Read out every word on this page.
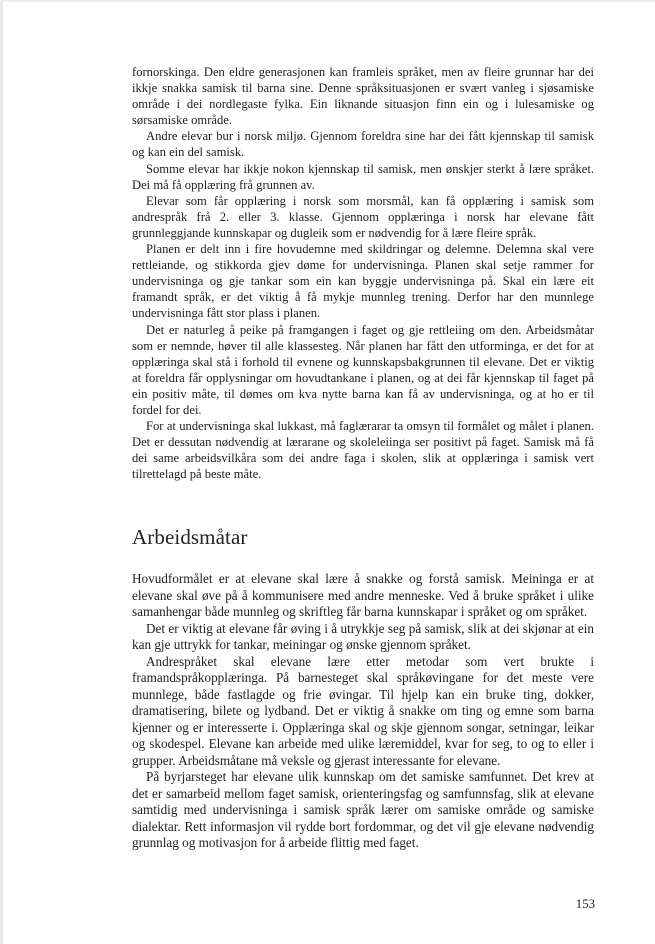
fornorskinga. Den eldre generasjonen kan framleis språket, men av fleire grunnar har dei ikkje snakka samisk til barna sine. Denne språksituasjonen er svært vanleg i sjøsamiske område i dei nordlegaste fylka. Ein liknande situasjon finn ein og i lulesamiske og sørsamiske område.

Andre elevar bur i norsk miljø. Gjennom foreldra sine har dei fått kjennskap til samisk og kan ein del samisk.

Somme elevar har ikkje nokon kjennskap til samisk, men ønskjer sterkt å lære språket. Dei må få opplæring frå grunnen av.

Elevar som får opplæring i norsk som morsmål, kan få opplæring i samisk som andrespråk frå 2. eller 3. klasse. Gjennom opplæringa i norsk har elevane fått grunnleggjande kunnskapar og dugleik som er nødvendig for å lære fleire språk.

Planen er delt inn i fire hovudemne med skildringar og delemne. Delemna skal vere rettleiande, og stikkorda gjev døme for undervisninga. Planen skal setje rammer for undervisninga og gje tankar som ein kan byggje undervisninga på. Skal ein lære eit framandt språk, er det viktig å få mykje munnleg trening. Derfor har den munnlege undervisninga fått stor plass i planen.

Det er naturleg å peike på framgangen i faget og gje rettleiing om den. Arbeidsmåtar som er nemnde, høver til alle klassesteg. Når planen har fått den utforminga, er det for at opplæringa skal stå i forhold til evnene og kunnskapsbakgrunnen til elevane. Det er viktig at foreldra får opplysningar om hovudtankane i planen, og at dei får kjennskap til faget på ein positiv måte, til dømes om kva nytte barna kan få av undervisninga, og at ho er til fordel for dei.

For at undervisninga skal lukkast, må faglærarar ta omsyn til formålet og målet i planen. Det er dessutan nødvendig at lærarane og skoleleiinga ser positivt på faget. Samisk må få dei same arbeidsvilkåra som dei andre faga i skolen, slik at opplæringa i samisk vert tilrettelagd på beste måte.

Arbeidsmåtar

Hovudformålet er at elevane skal lære å snakke og forstå samisk. Meininga er at elevane skal øve på å kommunisere med andre menneske. Ved å bruke språket i ulike samanhengar både munnleg og skriftleg får barna kunnskapar i språket og om språket.

Det er viktig at elevane får øving i å utrykkje seg på samisk, slik at dei skjønar at ein kan gje uttrykk for tankar, meiningar og ønske gjennom språket.

Andrespråket skal elevane lære etter metodar som vert brukte i framandspråkopplæringa. På barnesteget skal språkøvingane for det meste vere munnlege, både fastlagde og frie øvingar. Til hjelp kan ein bruke ting, dokker, dramatisering, bilete og lydband. Det er viktig å snakke om ting og emne som barna kjenner og er interesserte i. Opplæringa skal og skje gjennom songar, setningar, leikar og skodespel. Elevane kan arbeide med ulike læremiddel, kvar for seg, to og to eller i grupper. Arbeidsmåtane må veksle og gjerast interessante for elevane.

På byrjarsteget har elevane ulik kunnskap om det samiske samfunnet. Det krev at det er samarbeid mellom faget samisk, orienteringsfag og samfunnsfag, slik at elevane samtidig med undervisninga i samisk språk lærer om samiske område og samiske dialektar. Rett informasjon vil rydde bort fordommar, og det vil gje elevane nødvendig grunnlag og motivasjon for å arbeide flittig med faget.

153
